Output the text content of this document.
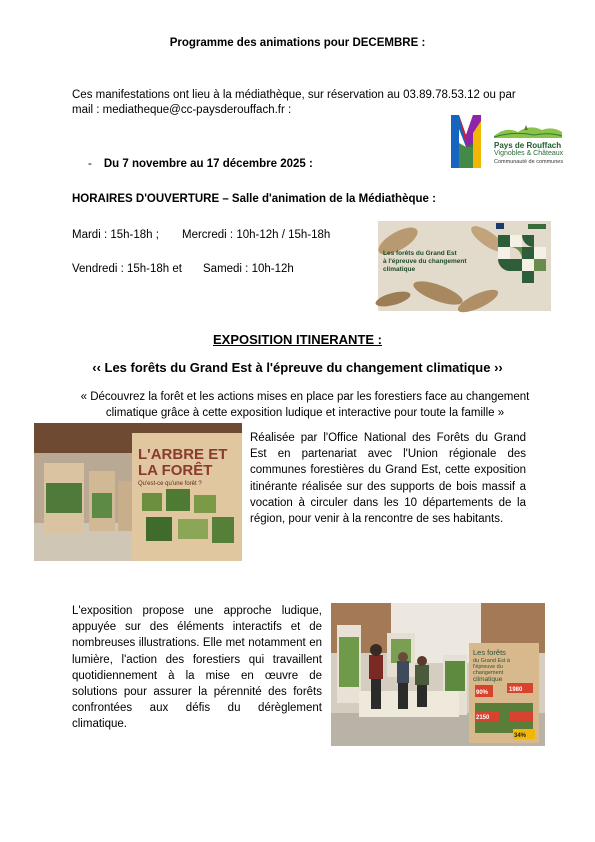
Programme des animations pour DECEMBRE :
Ces manifestations ont lieu à la médiathèque, sur réservation au 03.89.78.53.12 ou par mail : mediatheque@cc-paysderouffach.fr :
MÉDIATHÈQUE	Pays de Rouffach
Vignobles & Châteaux
Communauté de communes
- Du 7 novembre au 17 décembre 2025 :
HORAIRES D'OUVERTURE – Salle d'animation de la Médiathèque :
Mardi : 15h-18h ; Mercredi : 10h-12h / 15h-18h
Vendredi : 15h-18h et Samedi : 10h-12h
Les forêts du Grand Est
à l'épreuve du changement
climatique
EXPOSITION ITINERANTE :
‹‹ Les forêts du Grand Est à l'épreuve du changement climatique ››
« Découvrez la forêt et les actions mises en place par les forestiers face au changement climatique grâce à cette exposition ludique et interactive pour toute la famille »
L'ARBRE ET
LA FORÊT
Qu'est-ce qu'une forêt ?
Réalisée par l'Office National des Forêts du Grand Est en partenariat avec l'Union régionale des communes forestières du Grand Est, cette exposition itinérante réalisée sur des supports de bois massif a vocation à circuler dans les 10 départements de la région, pour venir à la rencontre de ses habitants.
L'exposition propose une approche ludique, appuyée sur des éléments interactifs et de nombreuses illustrations. Elle met notamment en lumière, l'action des forestiers qui travaillent quotidiennement à la mise en œuvre de solutions pour assurer la pérennité des forêts confrontées aux défis du dérèglement climatique.
Les forêts
du Grand Est à
l'épreuve du
changement
climatique
90%	1980
2150
34%
